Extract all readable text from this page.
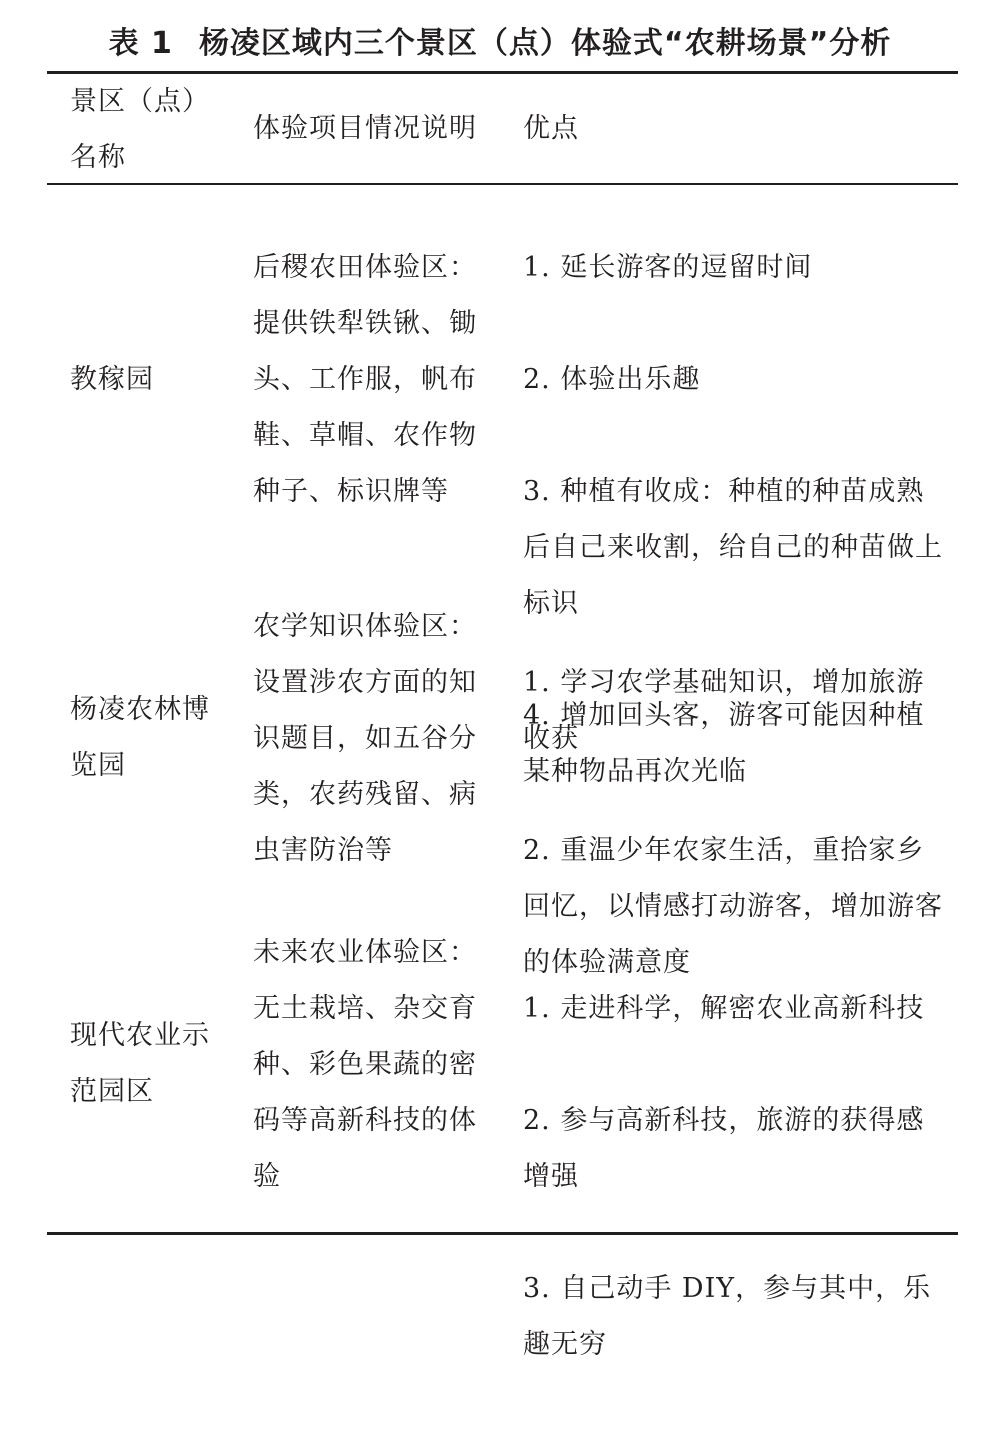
表 1 杨凌区域内三个景区（点）体验式“农耕场景”分析
景区（点）
名称
体验项目情况说明	优点
教稼园
后稷农田体验区：
提供铁犁铁锹、锄
头、工作服，帆布
鞋、草帽、农作物
种子、标识牌等

1. 延长游客的逗留时间

2. 体验出乐趣

3. 种植有收成：种植的种苗成熟后自己来收割，给自己的种苗做上标识

4. 增加回头客，游客可能因种植某种物品再次光临

杨凌农林博
览园
农学知识体验区：
设置涉农方面的知
识题目，如五谷分
类，农药残留、病
虫害防治等

1. 学习农学基础知识，增加旅游收获

2. 重温少年农家生活，重拾家乡回忆，以情感打动游客，增加游客的体验满意度

现代农业示
范园区
未来农业体验区：
无土栽培、杂交育
种、彩色果蔬的密
码等高新科技的体
验

1. 走进科学，解密农业高新科技

2. 参与高新科技，旅游的获得感增强

3. 自己动手 DIY，参与其中，乐趣无穷
